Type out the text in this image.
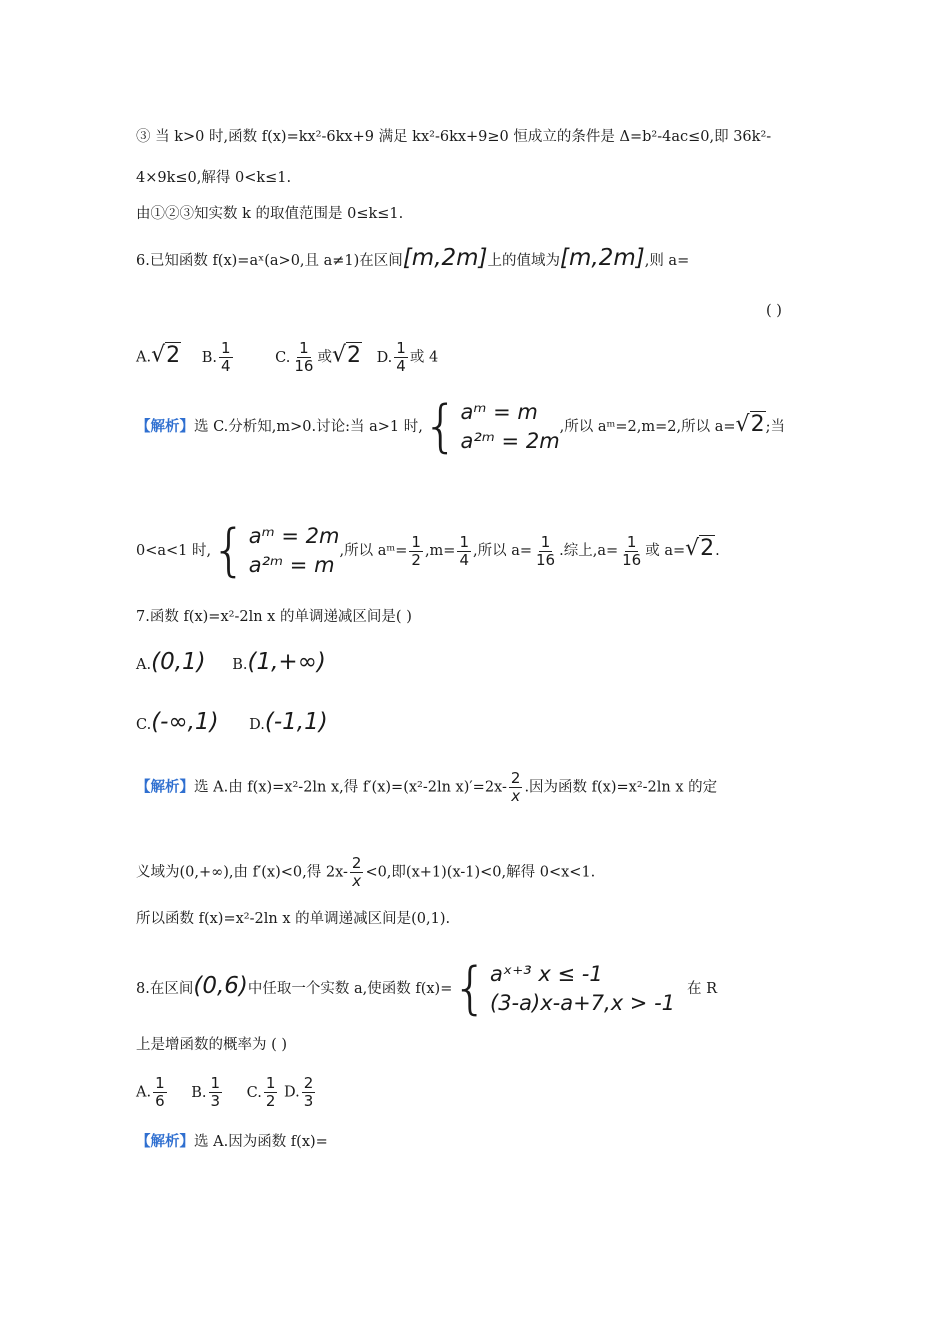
③ 当 k>0 时,函数 f(x)=kx²-6kx+9 满足 kx²-6kx+9≥0 恒成立的条件是 Δ=b²-4ac≤0,即 36k²-
4×9k≤0,解得 0<k≤1.
由①②③知实数 k 的取值范围是 0≤k≤1.
6.已知函数 f(x)=aˣ(a>0,且 a≠1)在区间[m,2m]上的值域为[m,2m],则 a=
( )
A.√2 B. $\frac{1}{4}$	C. $\frac{1}{16}$ 或√2 D. $\frac{1}{4}$ 或 4
【解析】选 C.分析知,m>0.讨论:当 a>1 时, { aᵐ = m
a²ᵐ = 2m
,所以 aᵐ=2,m=2,所以 a=√2;当
0<a<1 时, { aᵐ = 2m
a²ᵐ = m
,所以 aᵐ= $\frac{1}{2} ,m= \frac{1}{4}$ ,所以 $a= \frac{1}{16}$ .综上$,a= \frac{1}{16}$ 或 a=√2.
7.函数 f(x)=x²-2ln x 的单调递减区间是( )
A.(0,1) B.(1,+∞)
C.(-∞,1) D.(-1,1)
【解析】选 A.由 f(x)=x²-2ln x,得 f′(x)=(x²-2ln $x)'=2x- \frac{2}{x}$ .因为函数 f(x)=x²-2ln x 的定
义域为(0,+∞),由 f′(x)<0,得 $2x- \frac{2}{x} <0$,即(x+1)(x-1)<0,解得 0<x<1.
所以函数 f(x)=x²-2ln x 的单调递减区间是(0,1).
8.在区间(0,6)中任取一个实数 a,使函数 f(x)= { aˣ⁺³ x ≤ -1
(3-a)x-a+7,x > -1
在 R
上是增函数的概率为 ( )
A. $\frac{1}{6} B$. $\frac{1}{3} C$. $\frac{1}{2} D$. $\frac{2}{3}$
【解析】选 A.因为函数 f(x)=
